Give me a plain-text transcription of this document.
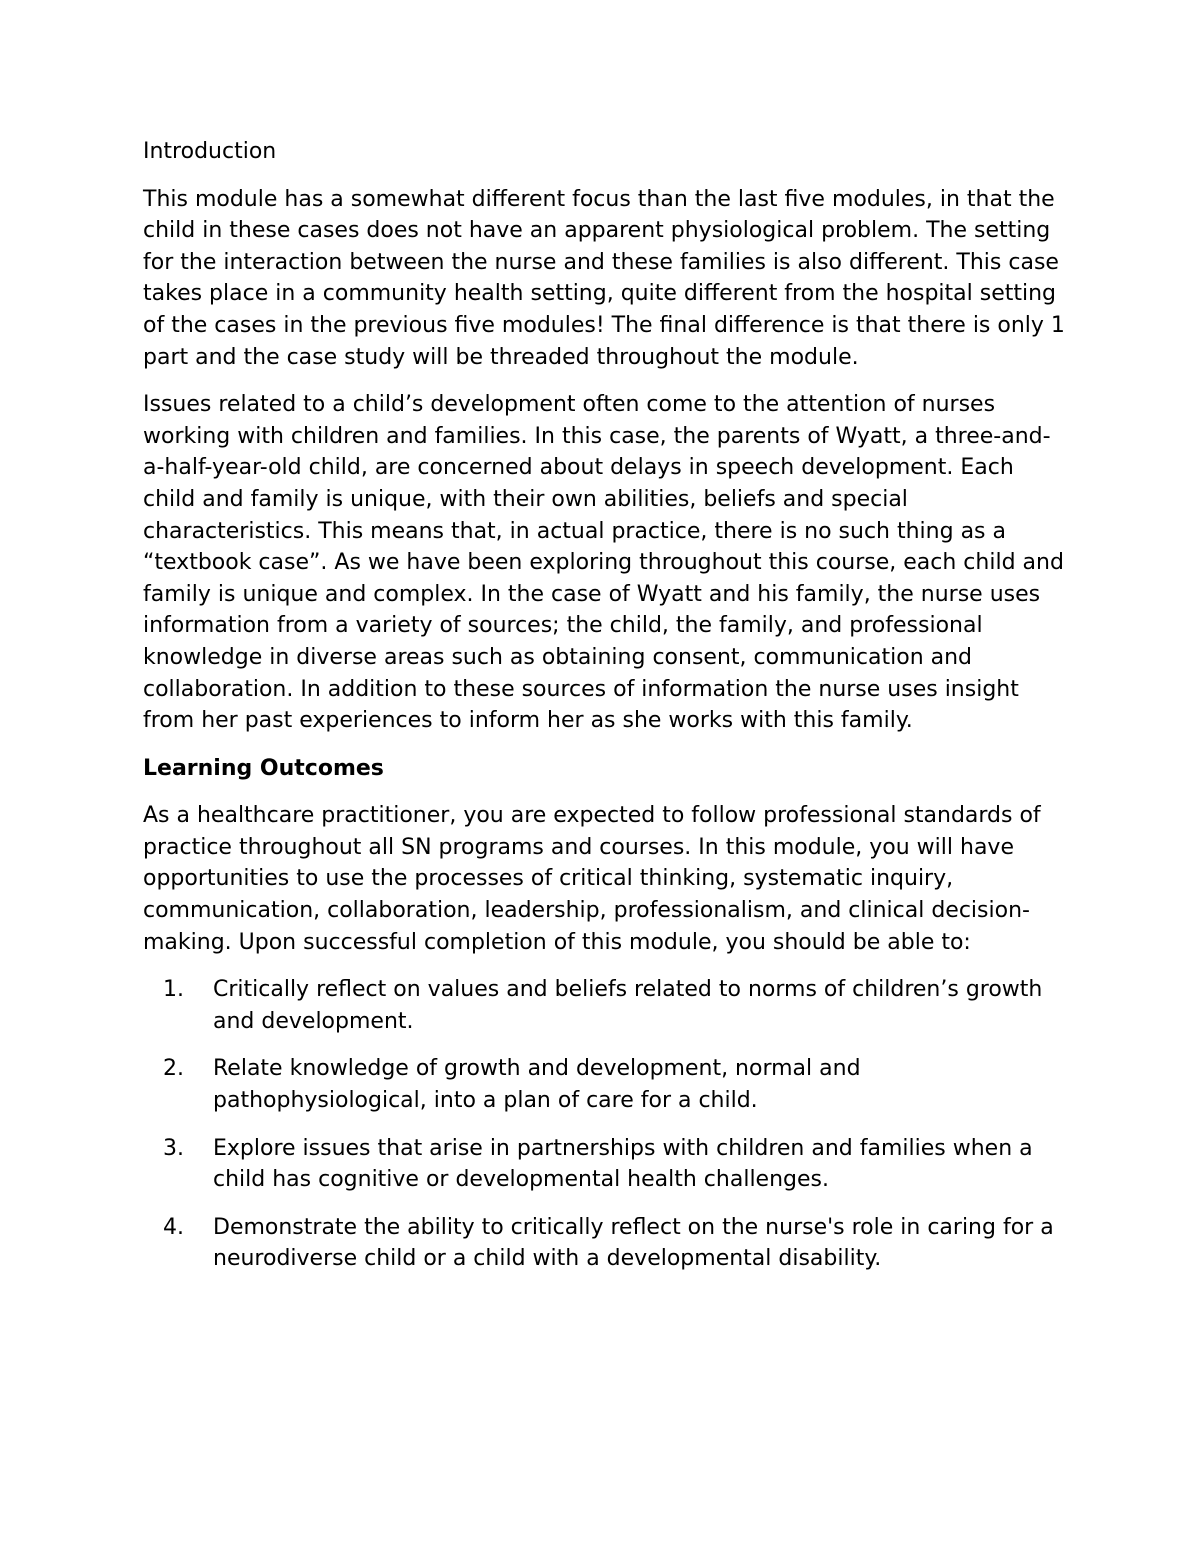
Introduction

This module has a somewhat different focus than the last five modules, in that the child in these cases does not have an apparent physiological problem. The setting for the interaction between the nurse and these families is also different. This case takes place in a community health setting, quite different from the hospital setting of the cases in the previous five modules! The final difference is that there is only 1 part and the case study will be threaded throughout the module.

Issues related to a child’s development often come to the attention of nurses working with children and families. In this case, the parents of Wyatt, a three-and-a-half-year-old child, are concerned about delays in speech development. Each child and family is unique, with their own abilities, beliefs and special characteristics. This means that, in actual practice, there is no such thing as a “textbook case”. As we have been exploring throughout this course, each child and family is unique and complex. In the case of Wyatt and his family, the nurse uses information from a variety of sources; the child, the family, and professional knowledge in diverse areas such as obtaining consent, communication and collaboration. In addition to these sources of information the nurse uses insight from her past experiences to inform her as she works with this family.

Learning Outcomes

As a healthcare practitioner, you are expected to follow professional standards of practice throughout all SN programs and courses. In this module, you will have opportunities to use the processes of critical thinking, systematic inquiry, communication, collaboration, leadership, professionalism, and clinical decision-making. Upon successful completion of this module, you should be able to:

1.	Critically reflect on values and beliefs related to norms of children’s growth and development.
2.	Relate knowledge of growth and development, normal and pathophysiological, into a plan of care for a child.
3.	Explore issues that arise in partnerships with children and families when a child has cognitive or developmental health challenges.
4.	Demonstrate the ability to critically reflect on the nurse's role in caring for a neurodiverse child or a child with a developmental disability.
